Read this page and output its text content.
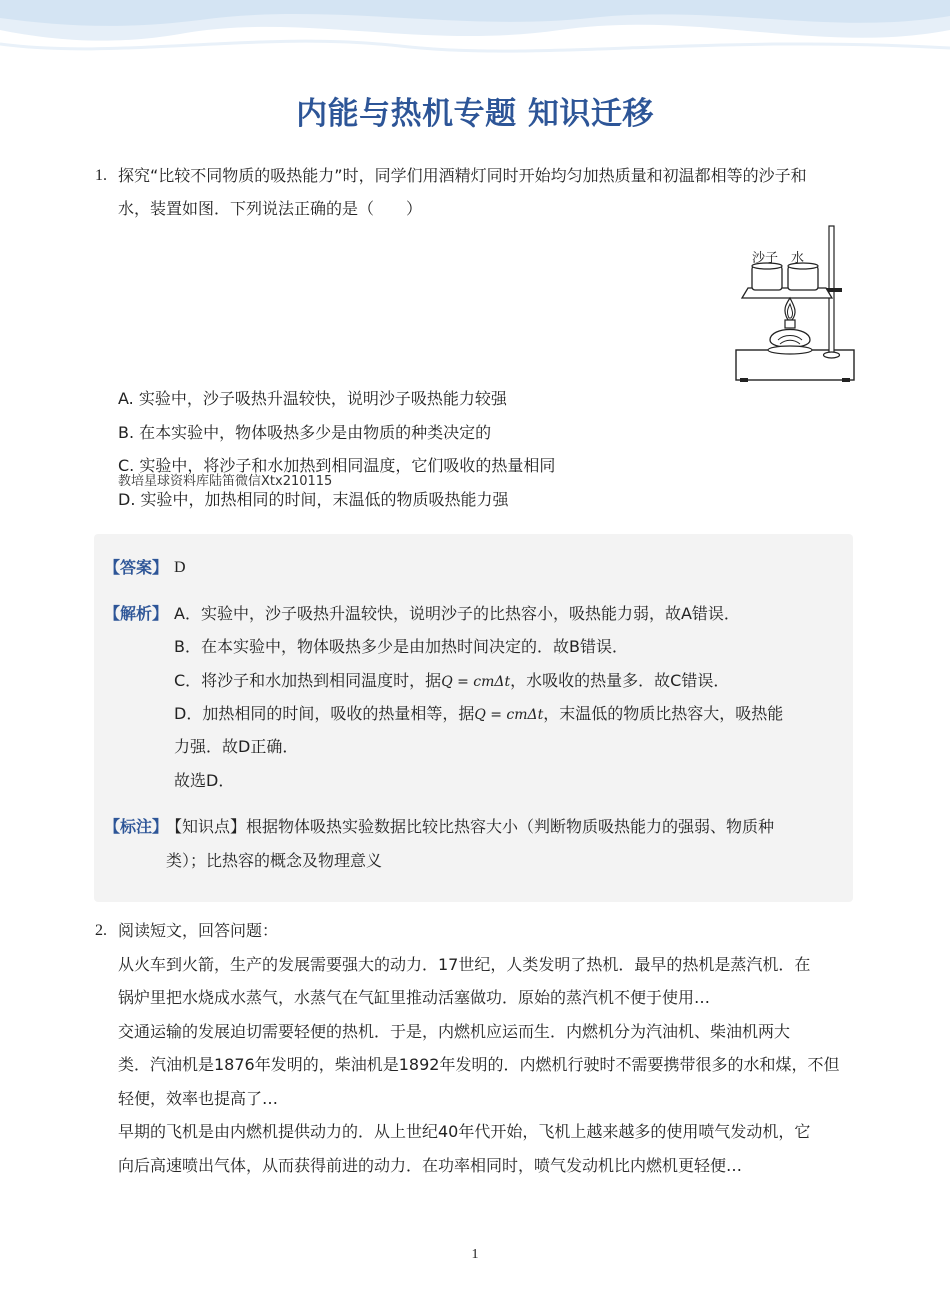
内能与热机专题 知识迁移
1. 探究“比较不同物质的吸热能力”时，同学们用酒精灯同时开始均匀加热质量和初温都相等的沙子和
水，装置如图．下列说法正确的是（　　）
沙子 水
A. 实验中，沙子吸热升温较快，说明沙子吸热能力较强
B. 在本实验中，物体吸热多少是由物质的种类决定的
C. 实验中，将沙子和水加热到相同温度，它们吸收的热量相同
教培星球资料库陆笛微信Xtx210115
D. 实验中，加热相同的时间，末温低的物质吸热能力强
【答案】 D
【解析】 A．实验中，沙子吸热升温较快，说明沙子的比热容小，吸热能力弱，故A错误．
B．在本实验中，物体吸热多少是由加热时间决定的．故B错误．
C．将沙子和水加热到相同温度时，据Q = cmΔt，水吸收的热量多．故C错误．
D．加热相同的时间，吸收的热量相等，据Q = cmΔt，末温低的物质比热容大，吸热能
力强．故D正确．
故选D．
【标注】
【知识点】根据物体吸热实验数据比较比热容大小（判断物质吸热能力的强弱、物质种
类）；比热容的概念及物理意义
2. 阅读短文，回答问题：
从火车到火箭，生产的发展需要强大的动力．17世纪，人类发明了热机．最早的热机是蒸汽机．在
锅炉里把水烧成水蒸气，水蒸气在气缸里推动活塞做功．原始的蒸汽机不便于使用…
交通运输的发展迫切需要轻便的热机．于是，内燃机应运而生．内燃机分为汽油机、柴油机两大
类．汽油机是1876年发明的，柴油机是1892年发明的．内燃机行驶时不需要携带很多的水和煤，不但
轻便，效率也提高了…
早期的飞机是由内燃机提供动力的．从上世纪40年代开始，飞机上越来越多的使用喷气发动机，它
向后高速喷出气体，从而获得前进的动力．在功率相同时，喷气发动机比内燃机更轻便…
1
